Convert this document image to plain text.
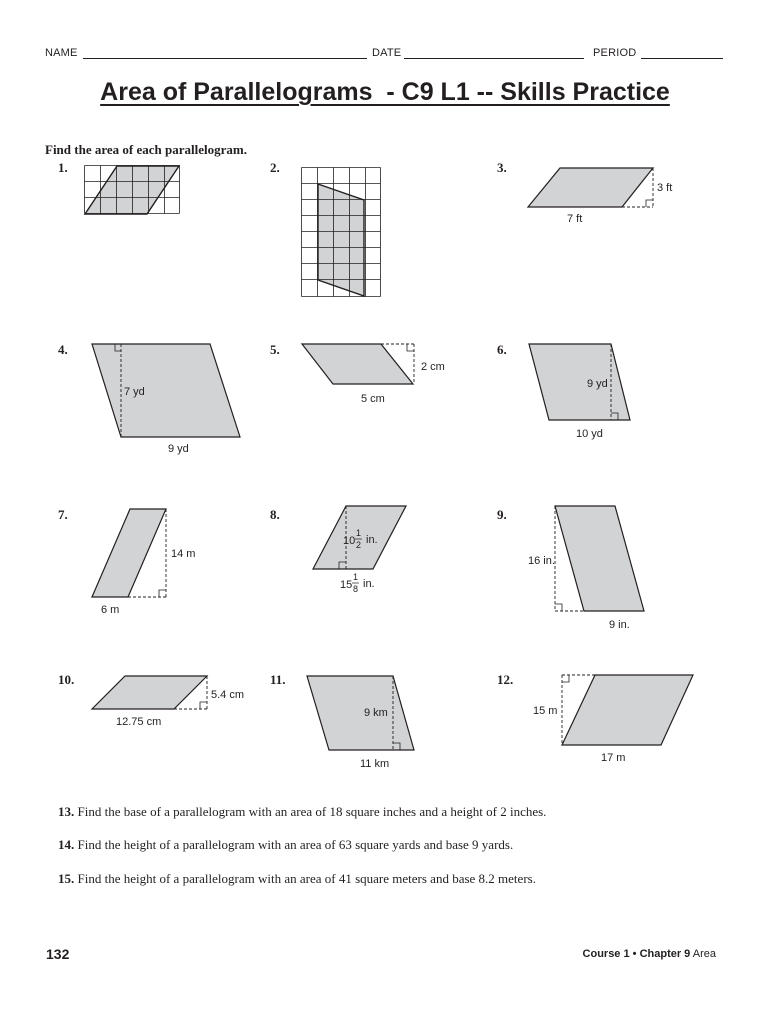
NAME	DATE	PERIOD
Area of Parallelograms  - C9 L1 -- Skills Practice
Find the area of each parallelogram.
1.	2.	3.
4.	5.	6.
7.	8.	9.
10.	11.	12.
3 ft
7 ft
7 yd
9 yd
2 cm
5 cm
9 yd
10 yd
14 m
6 m
10
1
2 in.
15
1
8 in.
16 in.
9 in.
5.4 cm
12.75 cm
9 km
11 km
15 m
17 m
13. Find the base of a parallelogram with an area of 18 square inches and a height of 2 inches.
14. Find the height of a parallelogram with an area of 63 square yards and base 9 yards.
15. Find the height of a parallelogram with an area of 41 square meters and base 8.2 meters.
132	Course 1 • Chapter 9 Area
